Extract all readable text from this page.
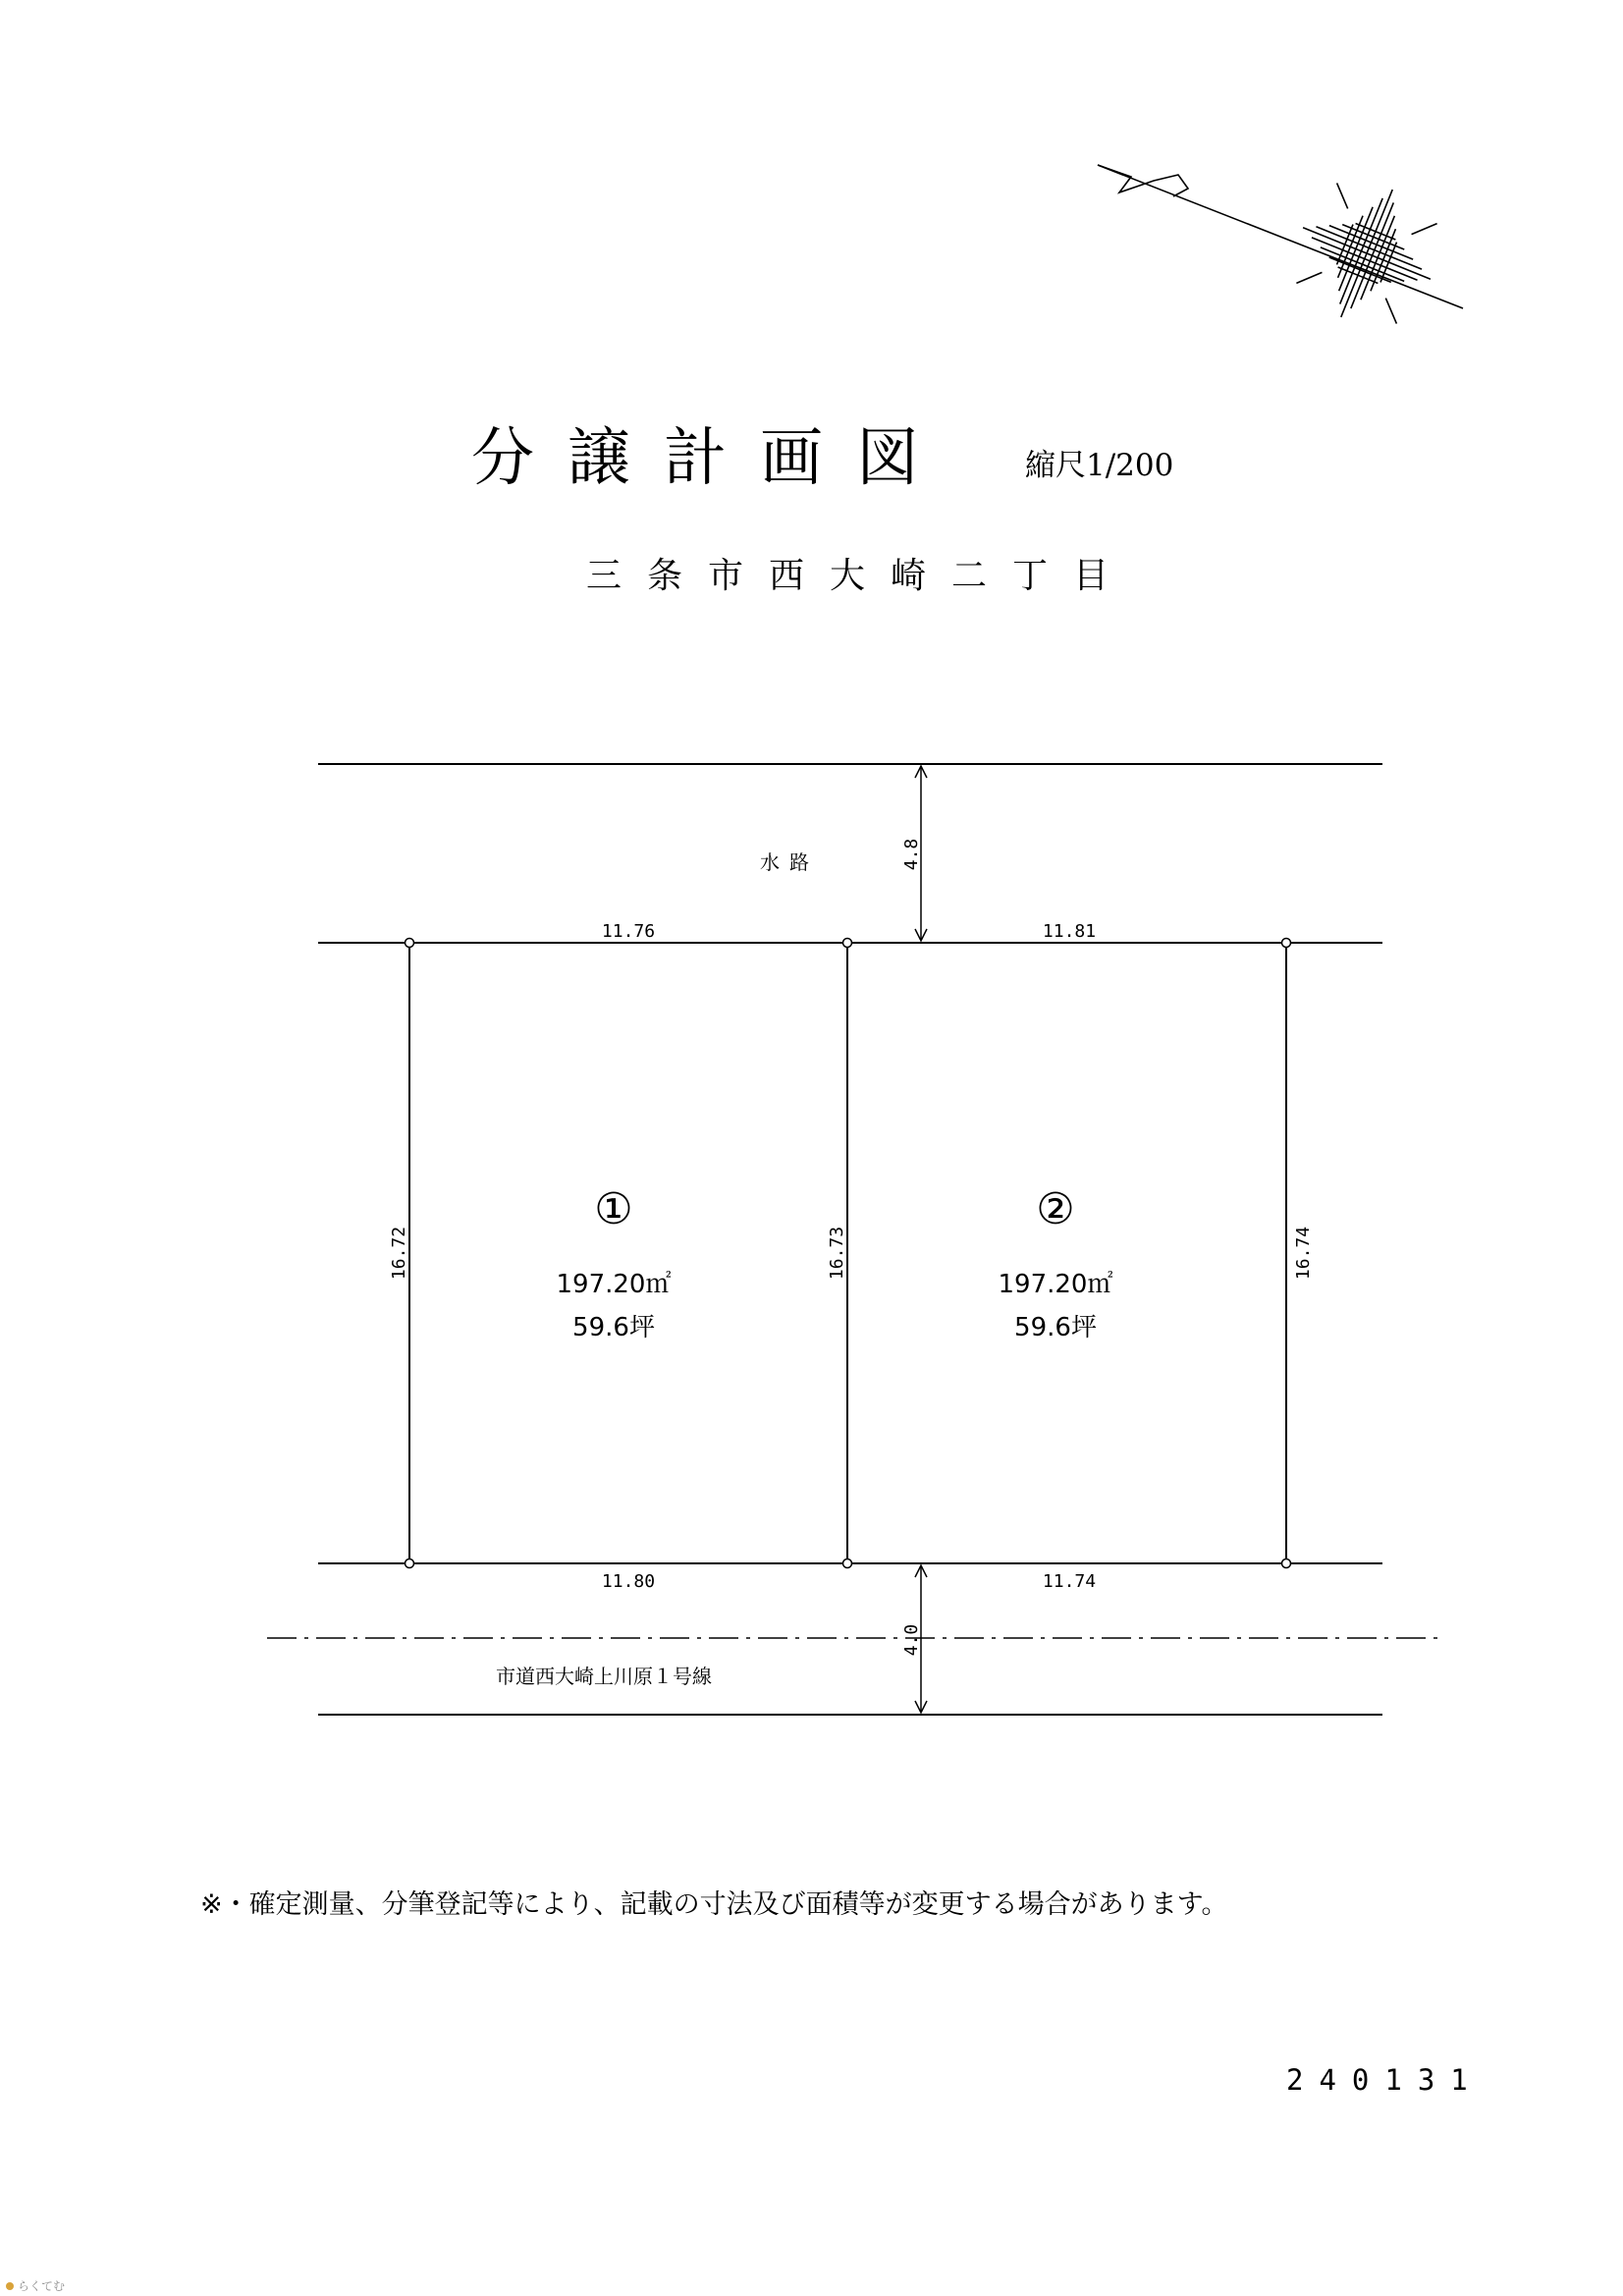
分譲計画図 縮尺1/200
三条市西大崎二丁目
水路	4.8
11.76
11.80
16.72
①
197.20㎡
59.6坪
11.81
11.74
16.73	16.74
②
197.20㎡
59.6坪
市道西大崎上川原１号線
4.0
※・確定測量、分筆登記等により、記載の寸法及び面積等が変更する場合があります。
240131
らくてむ
